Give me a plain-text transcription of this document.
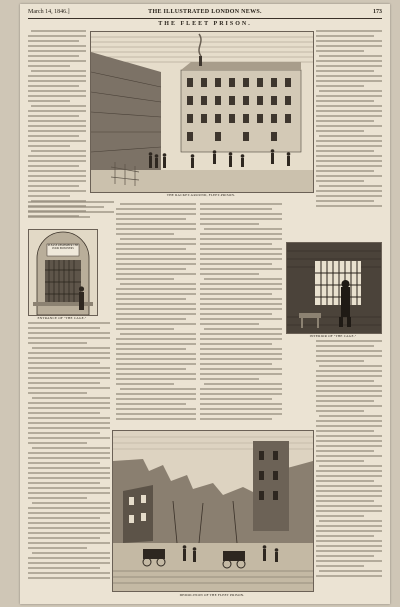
March 14, 1846.]	THE ILLUSTRATED LONDON NEWS.	173
THE FLEET PRISON.
THE RACKET-GROUND, FLEET-PRISON.
PLEASE REMEMBER THE POOR PRISONERS
ENTRANCE OF "THE CAGE."
INTERIOR OF "THE CAGE."
DEMOLITION OF THE FLEET PRISON.
